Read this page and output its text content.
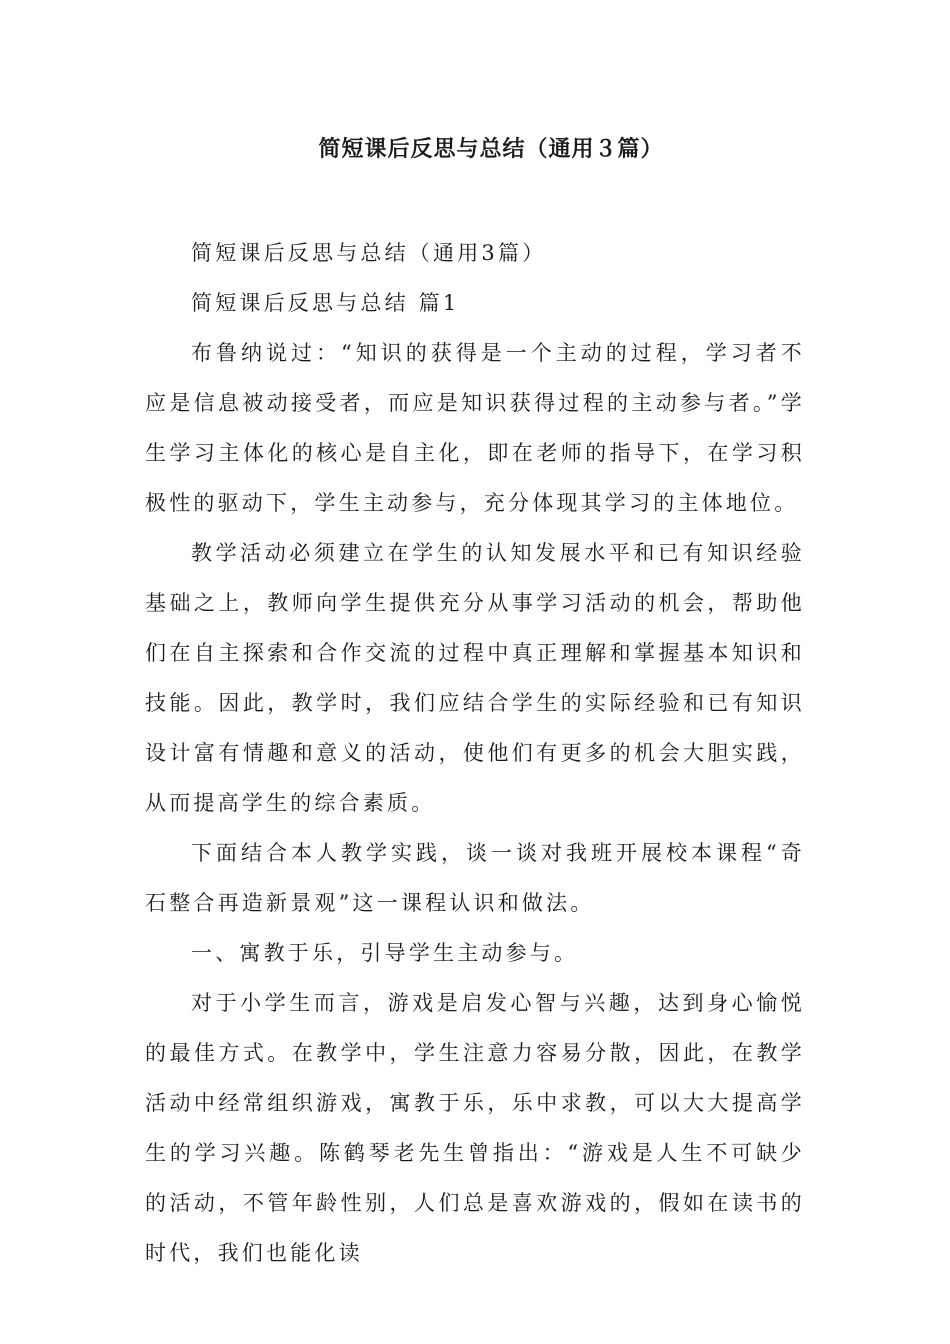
简短课后反思与总结（通用３篇）

简短课后反思与总结（通用3篇）

简短课后反思与总结 篇1

布鲁纳说过：“知识的获得是一个主动的过程，学习者不应是信息被动接受者，而应是知识获得过程的主动参与者。”学生学习主体化的核心是自主化，即在老师的指导下，在学习积极性的驱动下，学生主动参与，充分体现其学习的主体地位。

教学活动必须建立在学生的认知发展水平和已有知识经验基础之上，教师向学生提供充分从事学习活动的机会，帮助他们在自主探索和合作交流的过程中真正理解和掌握基本知识和技能。因此，教学时，我们应结合学生的实际经验和已有知识设计富有情趣和意义的活动，使他们有更多的机会大胆实践，从而提高学生的综合素质。

下面结合本人教学实践，谈一谈对我班开展校本课程“奇石整合再造新景观”这一课程认识和做法。

一、寓教于乐，引导学生主动参与。

对于小学生而言，游戏是启发心智与兴趣，达到身心愉悦的最佳方式。在教学中，学生注意力容易分散，因此，在教学活动中经常组织游戏，寓教于乐，乐中求教，可以大大提高学生的学习兴趣。陈鹤琴老先生曾指出：“游戏是人生不可缺少的活动，不管年龄性别，人们总是喜欢游戏的，假如在读书的时代，我们也能化读
